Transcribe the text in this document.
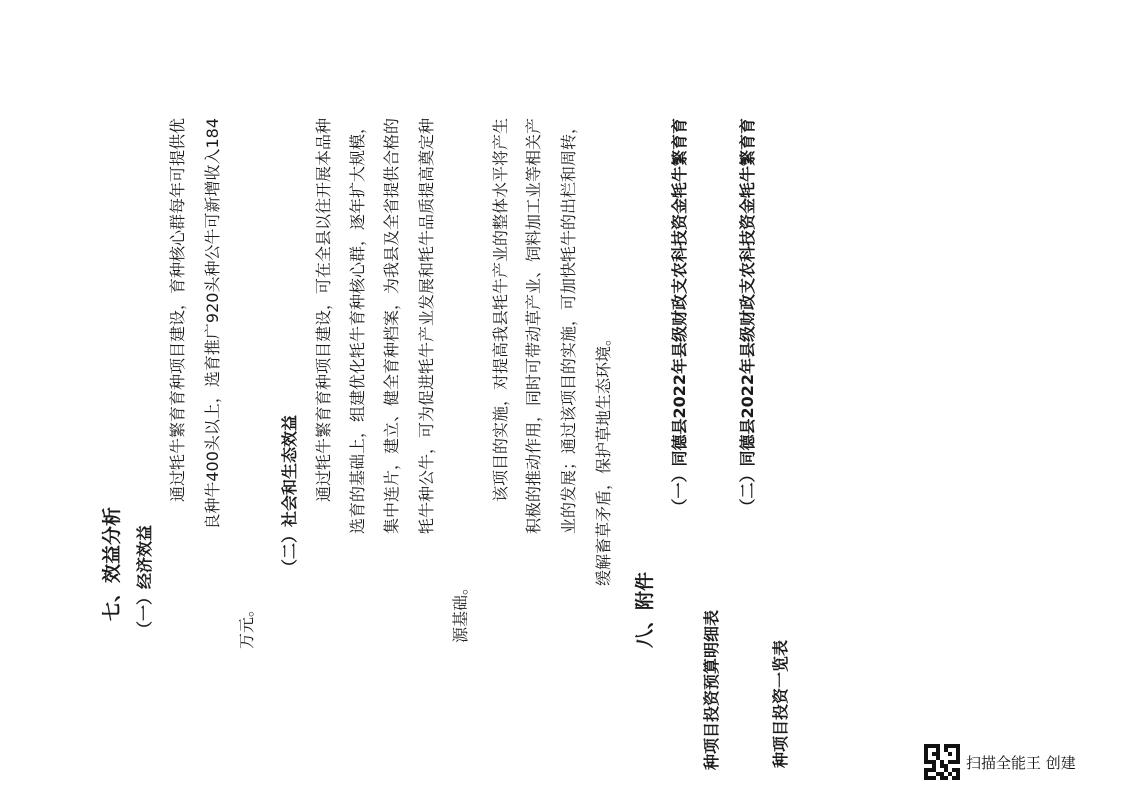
七、效益分析 （一）经济效益
通过牦牛繁育育种项目建设，育种核心群每年可提供优 良种牛400头以上，选育推广920头种公牛可新增收入184
万元。
（二）社会和生态效益 通过牦牛繁育育种项目建设，可在全县以往开展本品种 选育的基础上，组建优化牦牛育种核心群，逐年扩大规模， 集中连片，建立、健全育种档案，为我县及全省提供合格的 牦牛种公牛，可为促进牦牛产业发展和牦牛品质提高奠定种
源基础。
该项目的实施，对提高我县牦牛产业的整体水平将产生 积极的推动作用，同时可带动草产业、饲料加工业等相关产 业的发展；通过该项目的实施，可加快牦牛的出栏和周转， 缓解畜草矛盾，保护草地生态环境。
八、附件
（一）同德县2022年县级财政支农科技资金牦牛繁育育
种项目投资预算明细表
（二）同德县2022年县级财政支农科技资金牦牛繁育育
种项目投资一览表	扫描全能王 创建
